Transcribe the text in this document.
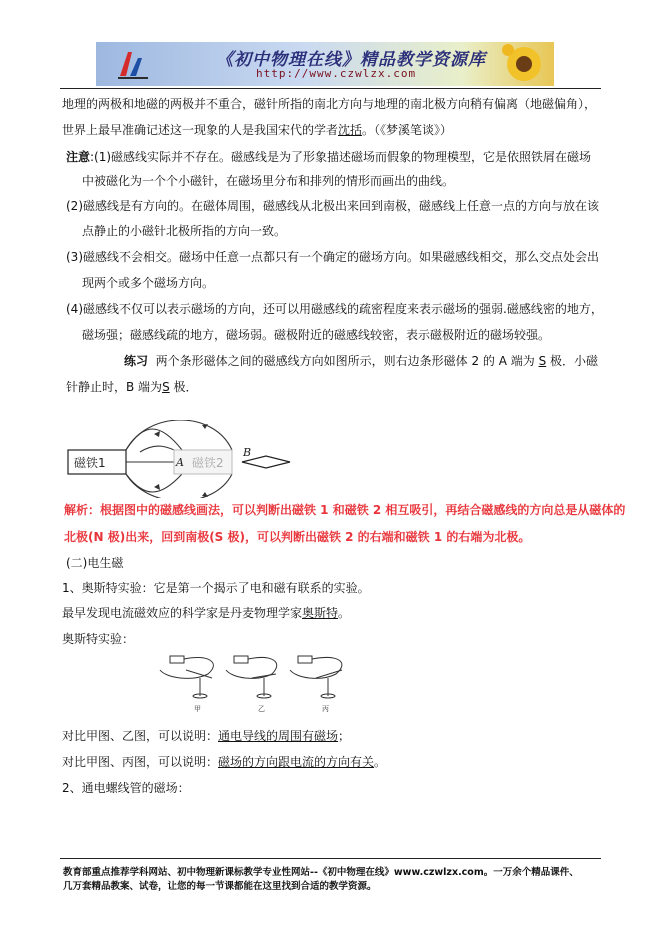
《初中物理在线》精品教学资源库
http://www.czwlzx.com
地理的两极和地磁的两极并不重合，磁针所指的南北方向与地理的南北极方向稍有偏离（地磁偏角），
世界上最早准确记述这一现象的人是我国宋代的学者沈括。（《梦溪笔谈》）
注意:(1)磁感线实际并不存在。磁感线是为了形象描述磁场而假象的物理模型，它是依照铁屑在磁场
中被磁化为一个个小磁针，在磁场里分布和排列的情形而画出的曲线。
(2)磁感线是有方向的。在磁体周围，磁感线从北极出来回到南极，磁感线上任意一点的方向与放在该
点静止的小磁针北极所指的方向一致。
(3)磁感线不会相交。磁场中任意一点都只有一个确定的磁场方向。如果磁感线相交，那么交点处会出
现两个或多个磁场方向。
(4)磁感线不仅可以表示磁场的方向，还可以用磁感线的疏密程度来表示磁场的强弱.磁感线密的地方，
磁场强；磁感线疏的地方，磁场弱。磁极附近的磁感线较密，表示磁极附近的磁场较强。
练习 两个条形磁体之间的磁感线方向如图所示，则右边条形磁体 2 的 A 端为 S 极．小磁
针静止时，B 端为S 极．
磁铁1	磁铁2
A
B
解析：根据图中的磁感线画法，可以判断出磁铁 1 和磁铁 2 相互吸引，再结合磁感线的方向总是从磁体的
北极(N 极)出来，回到南极(S 极)，可以判断出磁铁 2 的右端和磁铁 1 的右端为北极。
(二)电生磁
1、奥斯特实验：它是第一个揭示了电和磁有联系的实验。
最早发现电流磁效应的科学家是丹麦物理学家奥斯特。
奥斯特实验：
甲	乙	丙
对比甲图、乙图，可以说明：通电导线的周围有磁场；
对比甲图、丙图，可以说明：磁场的方向跟电流的方向有关。
2、通电螺线管的磁场：
教育部重点推荐学科网站、初中物理新课标教学专业性网站--《初中物理在线》www.czwlzx.com。一万余个精品课件、
几万套精品教案、试卷，让您的每一节课都能在这里找到合适的教学资源。
